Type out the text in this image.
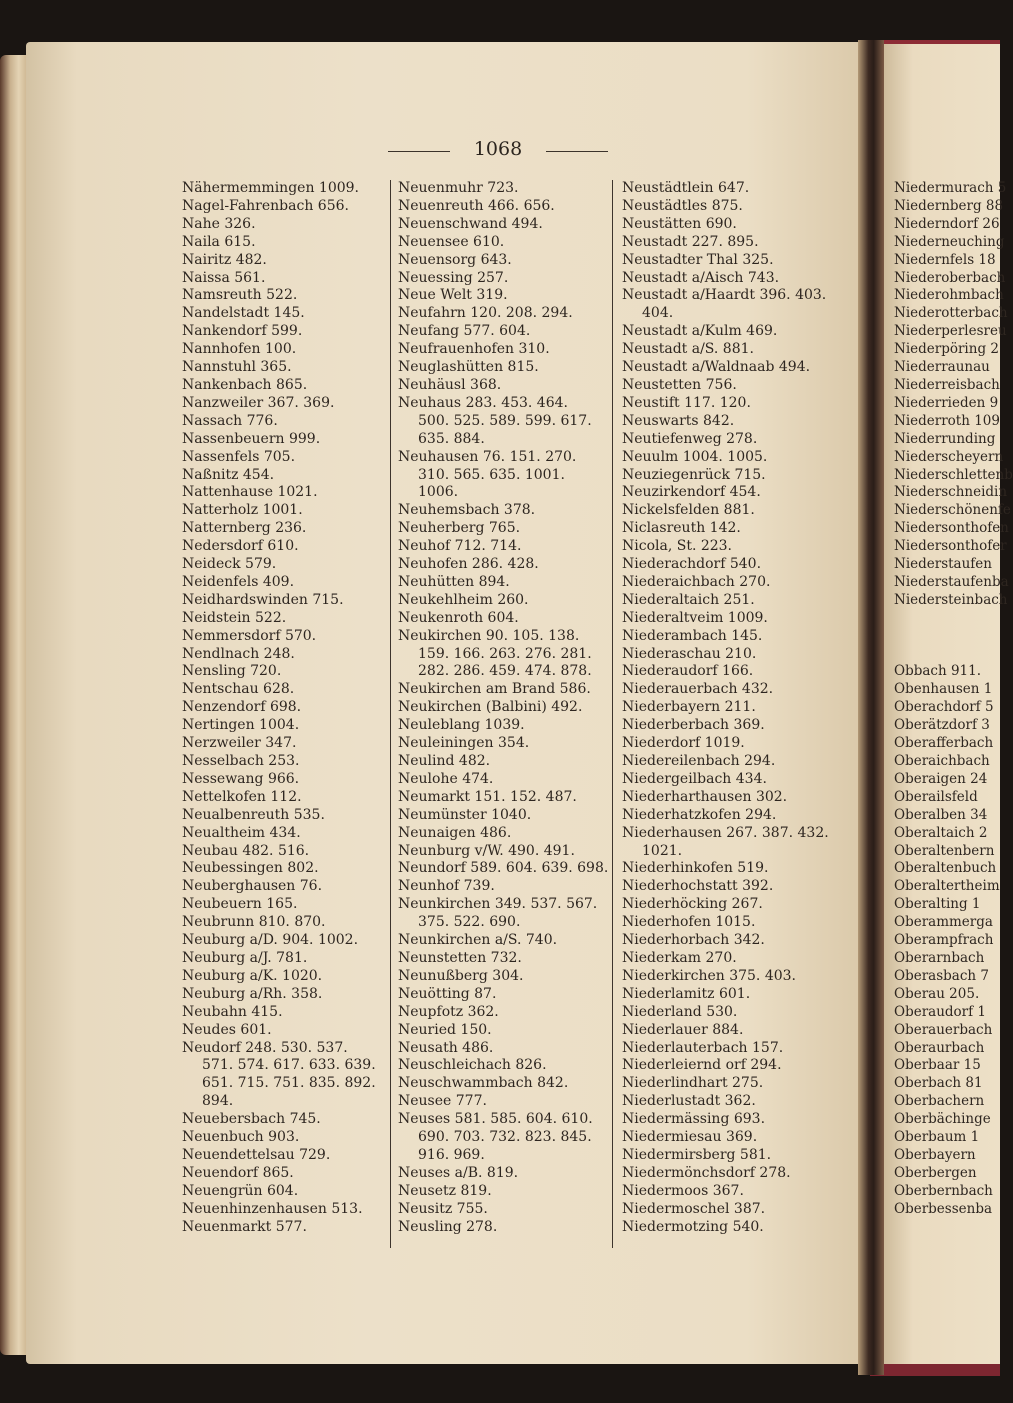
1068
Nähermemmingen 1009.
Nagel-Fahrenbach 656.
Nahe 326.
Naila 615.
Nairitz 482.
Naissa 561.
Namsreuth 522.
Nandelstadt 145.
Nankendorf 599.
Nannhofen 100.
Nannstuhl 365.
Nankenbach 865.
Nanzweiler 367. 369.
Nassach 776.
Nassenbeuern 999.
Nassenfels 705.
Naßnitz 454.
Nattenhause 1021.
Natterholz 1001.
Natternberg 236.
Nedersdorf 610.
Neideck 579.
Neidenfels 409.
Neidhardswinden 715.
Neidstein 522.
Nemmersdorf 570.
Nendlnach 248.
Nensling 720.
Nentschau 628.
Nenzendorf 698.
Nertingen 1004.
Nerzweiler 347.
Nesselbach 253.
Nessewang 966.
Nettelkofen 112.
Neualbenreuth 535.
Neualtheim 434.
Neubau 482. 516.
Neubessingen 802.
Neuberghausen 76.
Neubeuern 165.
Neubrunn 810. 870.
Neuburg a/D. 904. 1002.
Neuburg a/J. 781.
Neuburg a/K. 1020.
Neuburg a/Rh. 358.
Neubahn 415.
Neudes 601.
Neudorf 248. 530. 537.
571. 574. 617. 633. 639.
651. 715. 751. 835. 892.
894.
Neuebersbach 745.
Neuenbuch 903.
Neuendettelsau 729.
Neuendorf 865.
Neuengrün 604.
Neuenhinzenhausen 513.
Neuenmarkt 577.
Neuenmuhr 723.
Neuenreuth 466. 656.
Neuenschwand 494.
Neuensee 610.
Neuensorg 643.
Neuessing 257.
Neue Welt 319.
Neufahrn 120. 208. 294.
Neufang 577. 604.
Neufrauenhofen 310.
Neuglashütten 815.
Neuhäusl 368.
Neuhaus 283. 453. 464.
500. 525. 589. 599. 617.
635. 884.
Neuhausen 76. 151. 270.
310. 565. 635. 1001.
1006.
Neuhemsbach 378.
Neuherberg 765.
Neuhof 712. 714.
Neuhofen 286. 428.
Neuhütten 894.
Neukehlheim 260.
Neukenroth 604.
Neukirchen 90. 105. 138.
159. 166. 263. 276. 281.
282. 286. 459. 474. 878.
Neukirchen am Brand 586.
Neukirchen (Balbini) 492.
Neuleblang 1039.
Neuleiningen 354.
Neulind 482.
Neulohe 474.
Neumarkt 151. 152. 487.
Neumünster 1040.
Neunaigen 486.
Neunburg v/W. 490. 491.
Neundorf 589. 604. 639. 698.
Neunhof 739.
Neunkirchen 349. 537. 567.
375. 522. 690.
Neunkirchen a/S. 740.
Neunstetten 732.
Neunußberg 304.
Neuötting 87.
Neupfotz 362.
Neuried 150.
Neusath 486.
Neuschleichach 826.
Neuschwammbach 842.
Neusee 777.
Neuses 581. 585. 604. 610.
690. 703. 732. 823. 845.
916. 969.
Neuses a/B. 819.
Neusetz 819.
Neusitz 755.
Neusling 278.
Neustädtlein 647.
Neustädtles 875.
Neustätten 690.
Neustadt 227. 895.
Neustadter Thal 325.
Neustadt a/Aisch 743.
Neustadt a/Haardt 396. 403.
404.
Neustadt a/Kulm 469.
Neustadt a/S. 881.
Neustadt a/Waldnaab 494.
Neustetten 756.
Neustift 117. 120.
Neuswarts 842.
Neutiefenweg 278.
Neuulm 1004. 1005.
Neuziegenrück 715.
Neuzirkendorf 454.
Nickelsfelden 881.
Niclasreuth 142.
Nicola, St. 223.
Niederachdorf 540.
Niederaichbach 270.
Niederaltaich 251.
Niederaltveim 1009.
Niederambach 145.
Niederaschau 210.
Niederaudorf 166.
Niederauerbach 432.
Niederbayern 211.
Niederberbach 369.
Niederdorf 1019.
Niedereilenbach 294.
Niedergeilbach 434.
Niederharthausen 302.
Niederhatzkofen 294.
Niederhausen 267. 387. 432.
1021.
Niederhinkofen 519.
Niederhochstatt 392.
Niederhöcking 267.
Niederhofen 1015.
Niederhorbach 342.
Niederkam 270.
Niederkirchen 375. 403.
Niederlamitz 601.
Niederland 530.
Niederlauer 884.
Niederlauterbach 157.
Niederleiernd orf 294.
Niederlindhart 275.
Niederlustadt 362.
Niedermässing 693.
Niedermiesau 369.
Niedermirsberg 581.
Niedermönchsdorf 278.
Niedermoos 367.
Niedermoschel 387.
Niedermotzing 540.
Niedermurach 5
Niedernberg 88
Niederndorf 26
Niederneuching
Niedernfels 18
Niederoberbach
Niederohmbach
Niederotterbach
Niederperlesreu
Niederpöring 2
Niederraunau
Niederreisbach
Niederrieden 9
Niederroth 109
Niederrunding
Niederscheyern
Niederschlettenb
Niederschneidin
Niederschönenfe
Niedersonthofen
Niedersonthofer
Niederstaufen
Niederstaufenba
Niedersteinbach

Obbach 911.
Obenhausen 1
Oberachdorf 5
Oberätzdorf 3
Oberafferbach
Oberaichbach
Oberaigen 24
Oberailsfeld
Oberalben 34
Oberaltaich 2
Oberaltenbern
Oberaltenbuch
Oberaltertheim
Oberalting 1
Oberammerga
Oberampfrach
Oberarnbach
Oberasbach 7
Oberau 205.
Oberaudorf 1
Oberauerbach
Oberaurbach
Oberbaar 15
Oberbach 81
Oberbachern
Oberbächinge
Oberbaum 1
Oberbayern
Oberbergen
Oberbernbach
Oberbessenba
